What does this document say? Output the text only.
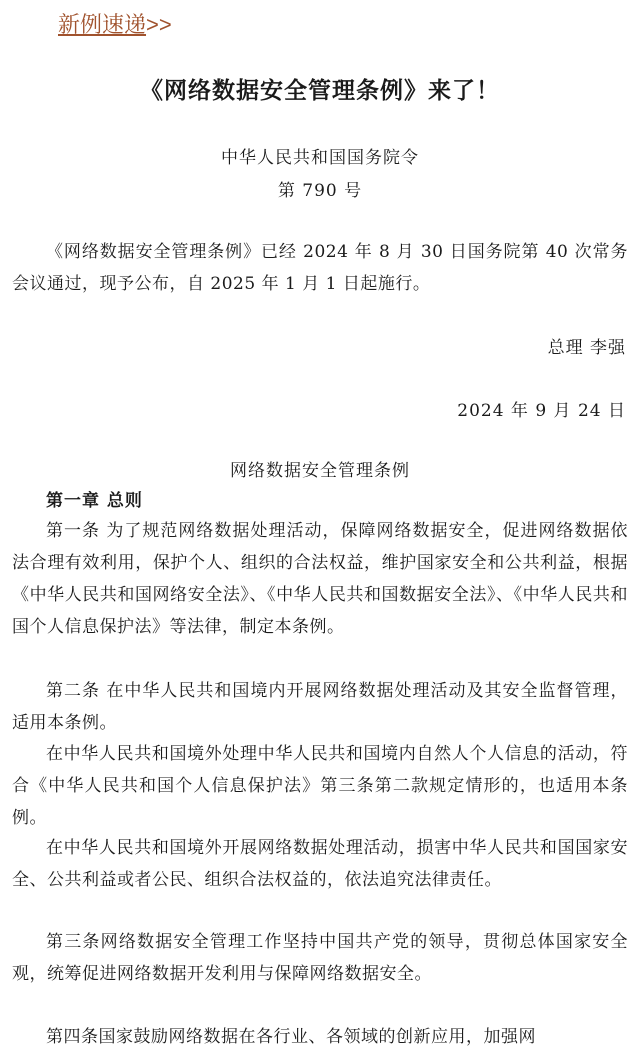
新例速递>>
《网络数据安全管理条例》来了！
中华人民共和国国务院令
第 790 号
《网络数据安全管理条例》已经 2024 年 8 月 30 日国务院第 40 次常务会议通过，现予公布，自 2025 年 1 月 1 日起施行。
总理 李强
2024 年 9 月 24 日
网络数据安全管理条例
第一章 总则
第一条 为了规范网络数据处理活动，保障网络数据安全，促进网络数据依法合理有效利用，保护个人、组织的合法权益，维护国家安全和公共利益，根据《中华人民共和国网络安全法》、《中华人民共和国数据安全法》、《中华人民共和国个人信息保护法》等法律，制定本条例。
第二条 在中华人民共和国境内开展网络数据处理活动及其安全监督管理，适用本条例。
在中华人民共和国境外处理中华人民共和国境内自然人个人信息的活动，符合《中华人民共和国个人信息保护法》第三条第二款规定情形的，也适用本条例。
在中华人民共和国境外开展网络数据处理活动，损害中华人民共和国国家安全、公共利益或者公民、组织合法权益的，依法追究法律责任。
第三条网络数据安全管理工作坚持中国共产党的领导，贯彻总体国家安全观，统筹促进网络数据开发利用与保障网络数据安全。
第四条国家鼓励网络数据在各行业、各领域的创新应用，加强网
